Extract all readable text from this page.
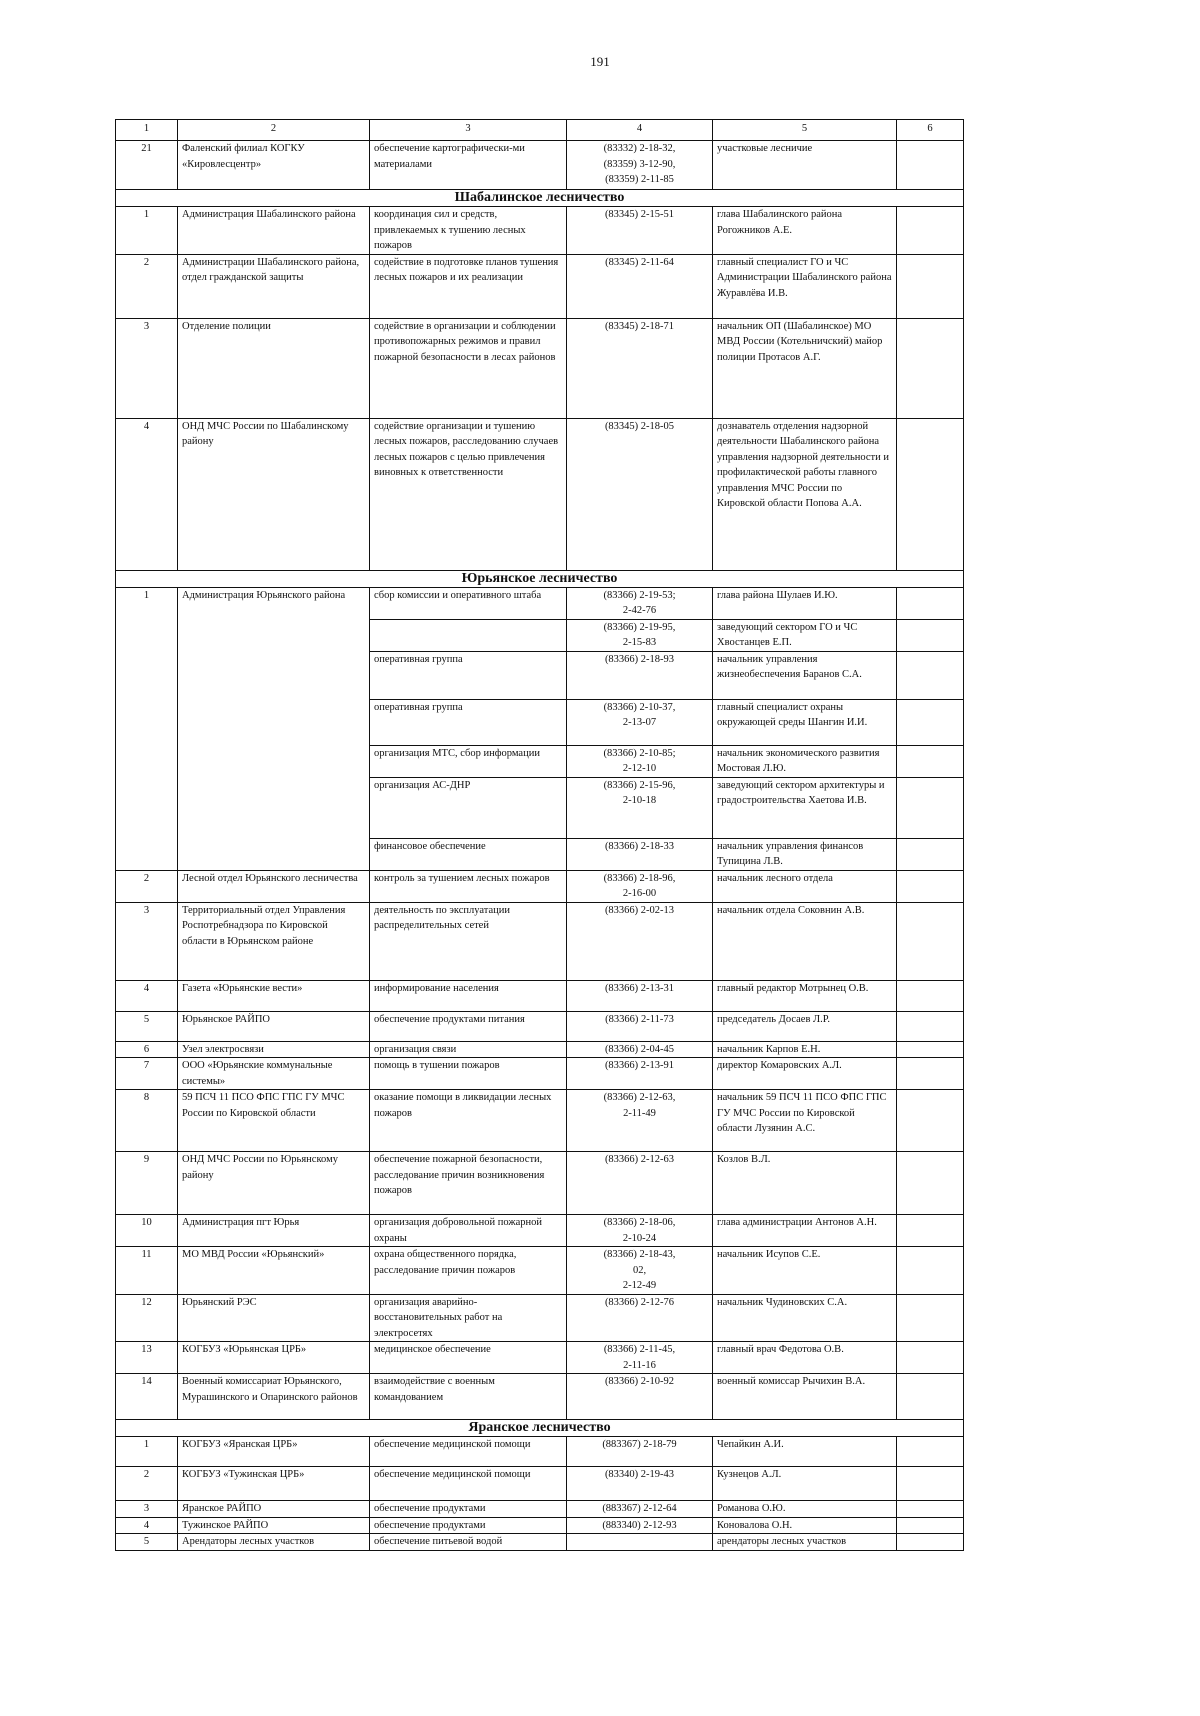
191
1	2	3	4	5	6
21	Фаленский филиал КОГКУ «Кировлесцентр»	обеспечение картографически-ми материалами	(83332) 2-18-32,
(83359) 3-12-90,
(83359) 2-11-85	участковые лесничие	
Шабалинское лесничество					
1	Администрация Шабалинского района	координация сил и средств, привлекаемых к тушению лесных пожаров	(83345) 2-15-51	глава Шабалинского района Рогожников А.Е.	
2	Администрации Шабалинского района, отдел гражданской защиты	содействие в подготовке планов тушения лесных пожаров и их реализации	(83345) 2-11-64	главный специалист ГО и ЧС Администрации Шабалинского района Журавлёва И.В.	
3	Отделение полиции	содействие в организации и соблюдении противопожарных режимов и правил пожарной безопасности в лесах районов	(83345) 2-18-71	начальник ОП (Шабалинское) МО МВД России (Котельничский) майор полиции Протасов А.Г.	
4	ОНД МЧС России по Шабалинскому району	содействие организации и тушению лесных пожаров, расследованию случаев лесных пожаров с целью привлечения виновных к ответственности	(83345) 2-18-05	дознаватель отделения надзорной деятельности Шабалинского района управления надзорной деятельности и профилактической работы главного управления МЧС России по Кировской области Попова А.А.	
Юрьянское лесничество					
1	Администрация Юрьянского района	сбор комиссии и оперативного штаба	(83366) 2-19-53;
2-42-76	глава района Шулаев И.Ю.	
			(83366) 2-19-95,
2-15-83	заведующий сектором ГО и ЧС Хвостанцев Е.П.	
		оперативная группа	(83366) 2-18-93	начальник управления жизнеобеспечения Баранов С.А.	
		оперативная группа	(83366) 2-10-37,
2-13-07	главный специалист охраны окружающей среды Шангин И.И.	
		организация МТС, сбор информации	(83366) 2-10-85;
2-12-10	начальник экономического развития Мостовая Л.Ю.	
		организация АС-ДНР	(83366) 2-15-96,
2-10-18	заведующий сектором архитектуры и градостроительства Хаетова И.В.	
		финансовое обеспечение	(83366) 2-18-33	начальник управления финансов Тупицина Л.В.	
2	Лесной отдел Юрьянского лесничества	контроль за тушением лесных пожаров	(83366) 2-18-96,
2-16-00	начальник лесного отдела	
3	Территориальный отдел Управления Роспотребнадзора по Кировской области в Юрьянском районе	деятельность по эксплуатации распределительных сетей	(83366) 2-02-13	начальник отдела Соковнин А.В.	
4	Газета «Юрьянские вести»	информирование населения	(83366) 2-13-31	главный редактор Мотрынец О.В.	
5	Юрьянское РАЙПО	обеспечение продуктами питания	(83366) 2-11-73	председатель Досаев Л.Р.	
6	Узел электросвязи	организация связи	(83366) 2-04-45	начальник Карпов Е.Н.	
7	ООО «Юрьянские коммунальные системы»	помощь в тушении пожаров	(83366) 2-13-91	директор Комаровских А.Л.	
8	59 ПСЧ 11 ПСО ФПС ГПС ГУ МЧС России по Кировской области	оказание помощи в ликвидации лесных пожаров	(83366) 2-12-63,
2-11-49	начальник 59 ПСЧ 11 ПСО ФПС ГПС ГУ МЧС России по Кировской области Лузянин А.С.	
9	ОНД МЧС России по Юрьянскому району	обеспечение пожарной безопасности, расследование причин возникновения пожаров	(83366) 2-12-63	Козлов В.Л.	
10	Администрация пгт Юрья	организация добровольной пожарной охраны	(83366) 2-18-06,
2-10-24	глава администрации Антонов А.Н.	
11	МО МВД России «Юрьянский»	охрана общественного порядка, расследование причин пожаров	(83366) 2-18-43,
02,
2-12-49	начальник Исупов С.Е.	
12	Юрьянский РЭС	организация аварийно-восстановительных работ на электросетях	(83366) 2-12-76	начальник Чудиновских С.А.	
13	КОГБУЗ «Юрьянская ЦРБ»	медицинское обеспечение	(83366) 2-11-45,
2-11-16	главный врач Федотова О.В.	
14	Военный комиссариат Юрьянского, Мурашинского и Опаринского районов	взаимодействие с военным командованием	(83366) 2-10-92	военный комиссар Рычихин В.А.	
Яранское лесничество					
1	КОГБУЗ «Яранская ЦРБ»	обеспечение медицинской помощи	(883367) 2-18-79	Чепайкин А.И.	
2	КОГБУЗ «Тужинская ЦРБ»	обеспечение медицинской помощи	(83340) 2-19-43	Кузнецов А.Л.	
3	Яранское РАЙПО	обеспечение продуктами	(883367) 2-12-64	Романова О.Ю.	
4	Тужинское РАЙПО	обеспечение продуктами	(883340) 2-12-93	Коновалова О.Н.	
5	Арендаторы лесных участков	обеспечение питьевой водой		арендаторы лесных участков	
